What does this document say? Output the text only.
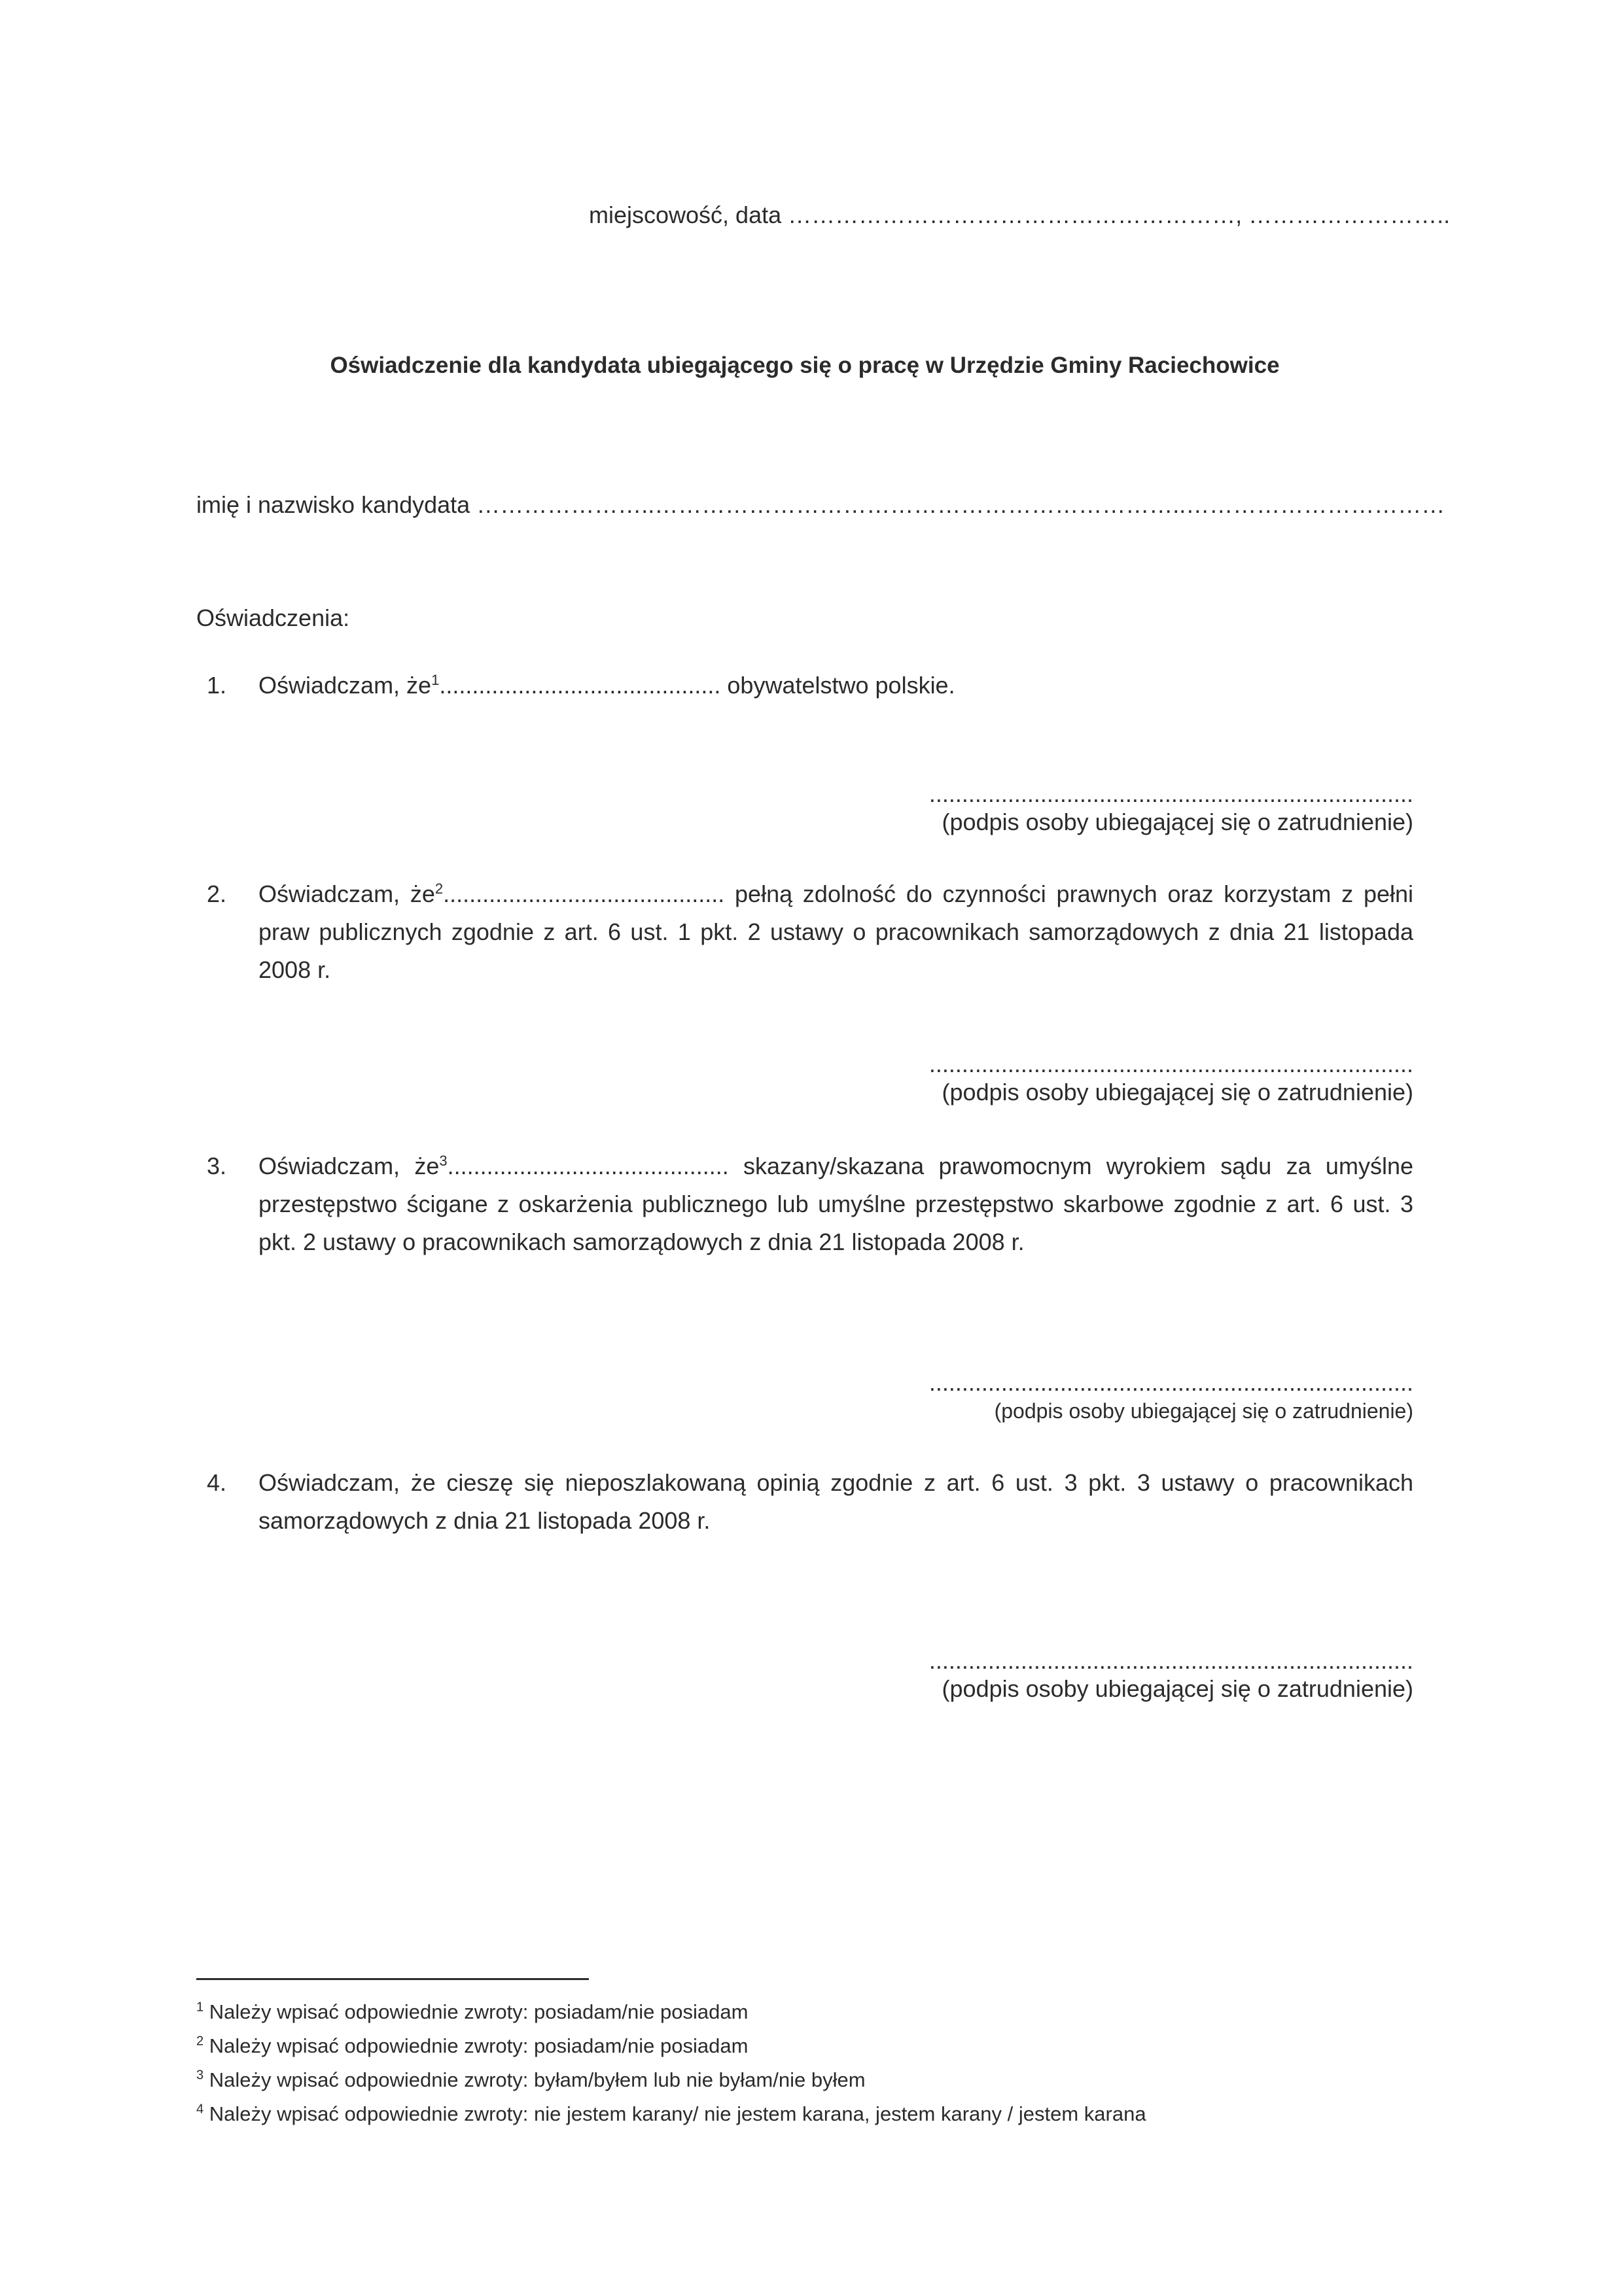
miejscowość, data …………………………………………………, ……………………..
Oświadczenie dla kandydata ubiegającego się o pracę w Urzędzie Gminy Raciechowice
imię i nazwisko kandydata …………………..…………………………………………………………..……………………………
Oświadczenia:
1. Oświadczam, $że^1$........................................... obywatelstwo polskie.
..........................................................................
(podpis osoby ubiegającej się o zatrudnienie)
2. Oświadczam, $że^2$........................................... pełną zdolność do czynności prawnych oraz korzystam z pełni praw publicznych zgodnie z art. 6 ust. 1 pkt. 2 ustawy o pracownikach samorządowych z dnia 21 listopada 2008 r.
..........................................................................
(podpis osoby ubiegającej się o zatrudnienie)
3. Oświadczam, $że^3$........................................... skazany/skazana prawomocnym wyrokiem sądu za umyślne przestępstwo ścigane z oskarżenia publicznego lub umyślne przestępstwo skarbowe zgodnie z art. 6 ust. 3 pkt. 2 ustawy o pracownikach samorządowych z dnia 21 listopada 2008 r.
..........................................................................
(podpis osoby ubiegającej się o zatrudnienie)
4. Oświadczam, że cieszę się nieposzlakowaną opinią zgodnie z art. 6 ust. 3 pkt. 3 ustawy o pracownikach samorządowych z dnia 21 listopada 2008 r.
..........................................................................
(podpis osoby ubiegającej się o zatrudnienie)
$^1$ Należy wpisać odpowiednie zwroty: posiadam/nie posiadam
$^2$ Należy wpisać odpowiednie zwroty: posiadam/nie posiadam
$^3$ Należy wpisać odpowiednie zwroty: byłam/byłem lub nie byłam/nie byłem
$^4$ Należy wpisać odpowiednie zwroty: nie jestem karany/ nie jestem karana, jestem karany / jestem karana
